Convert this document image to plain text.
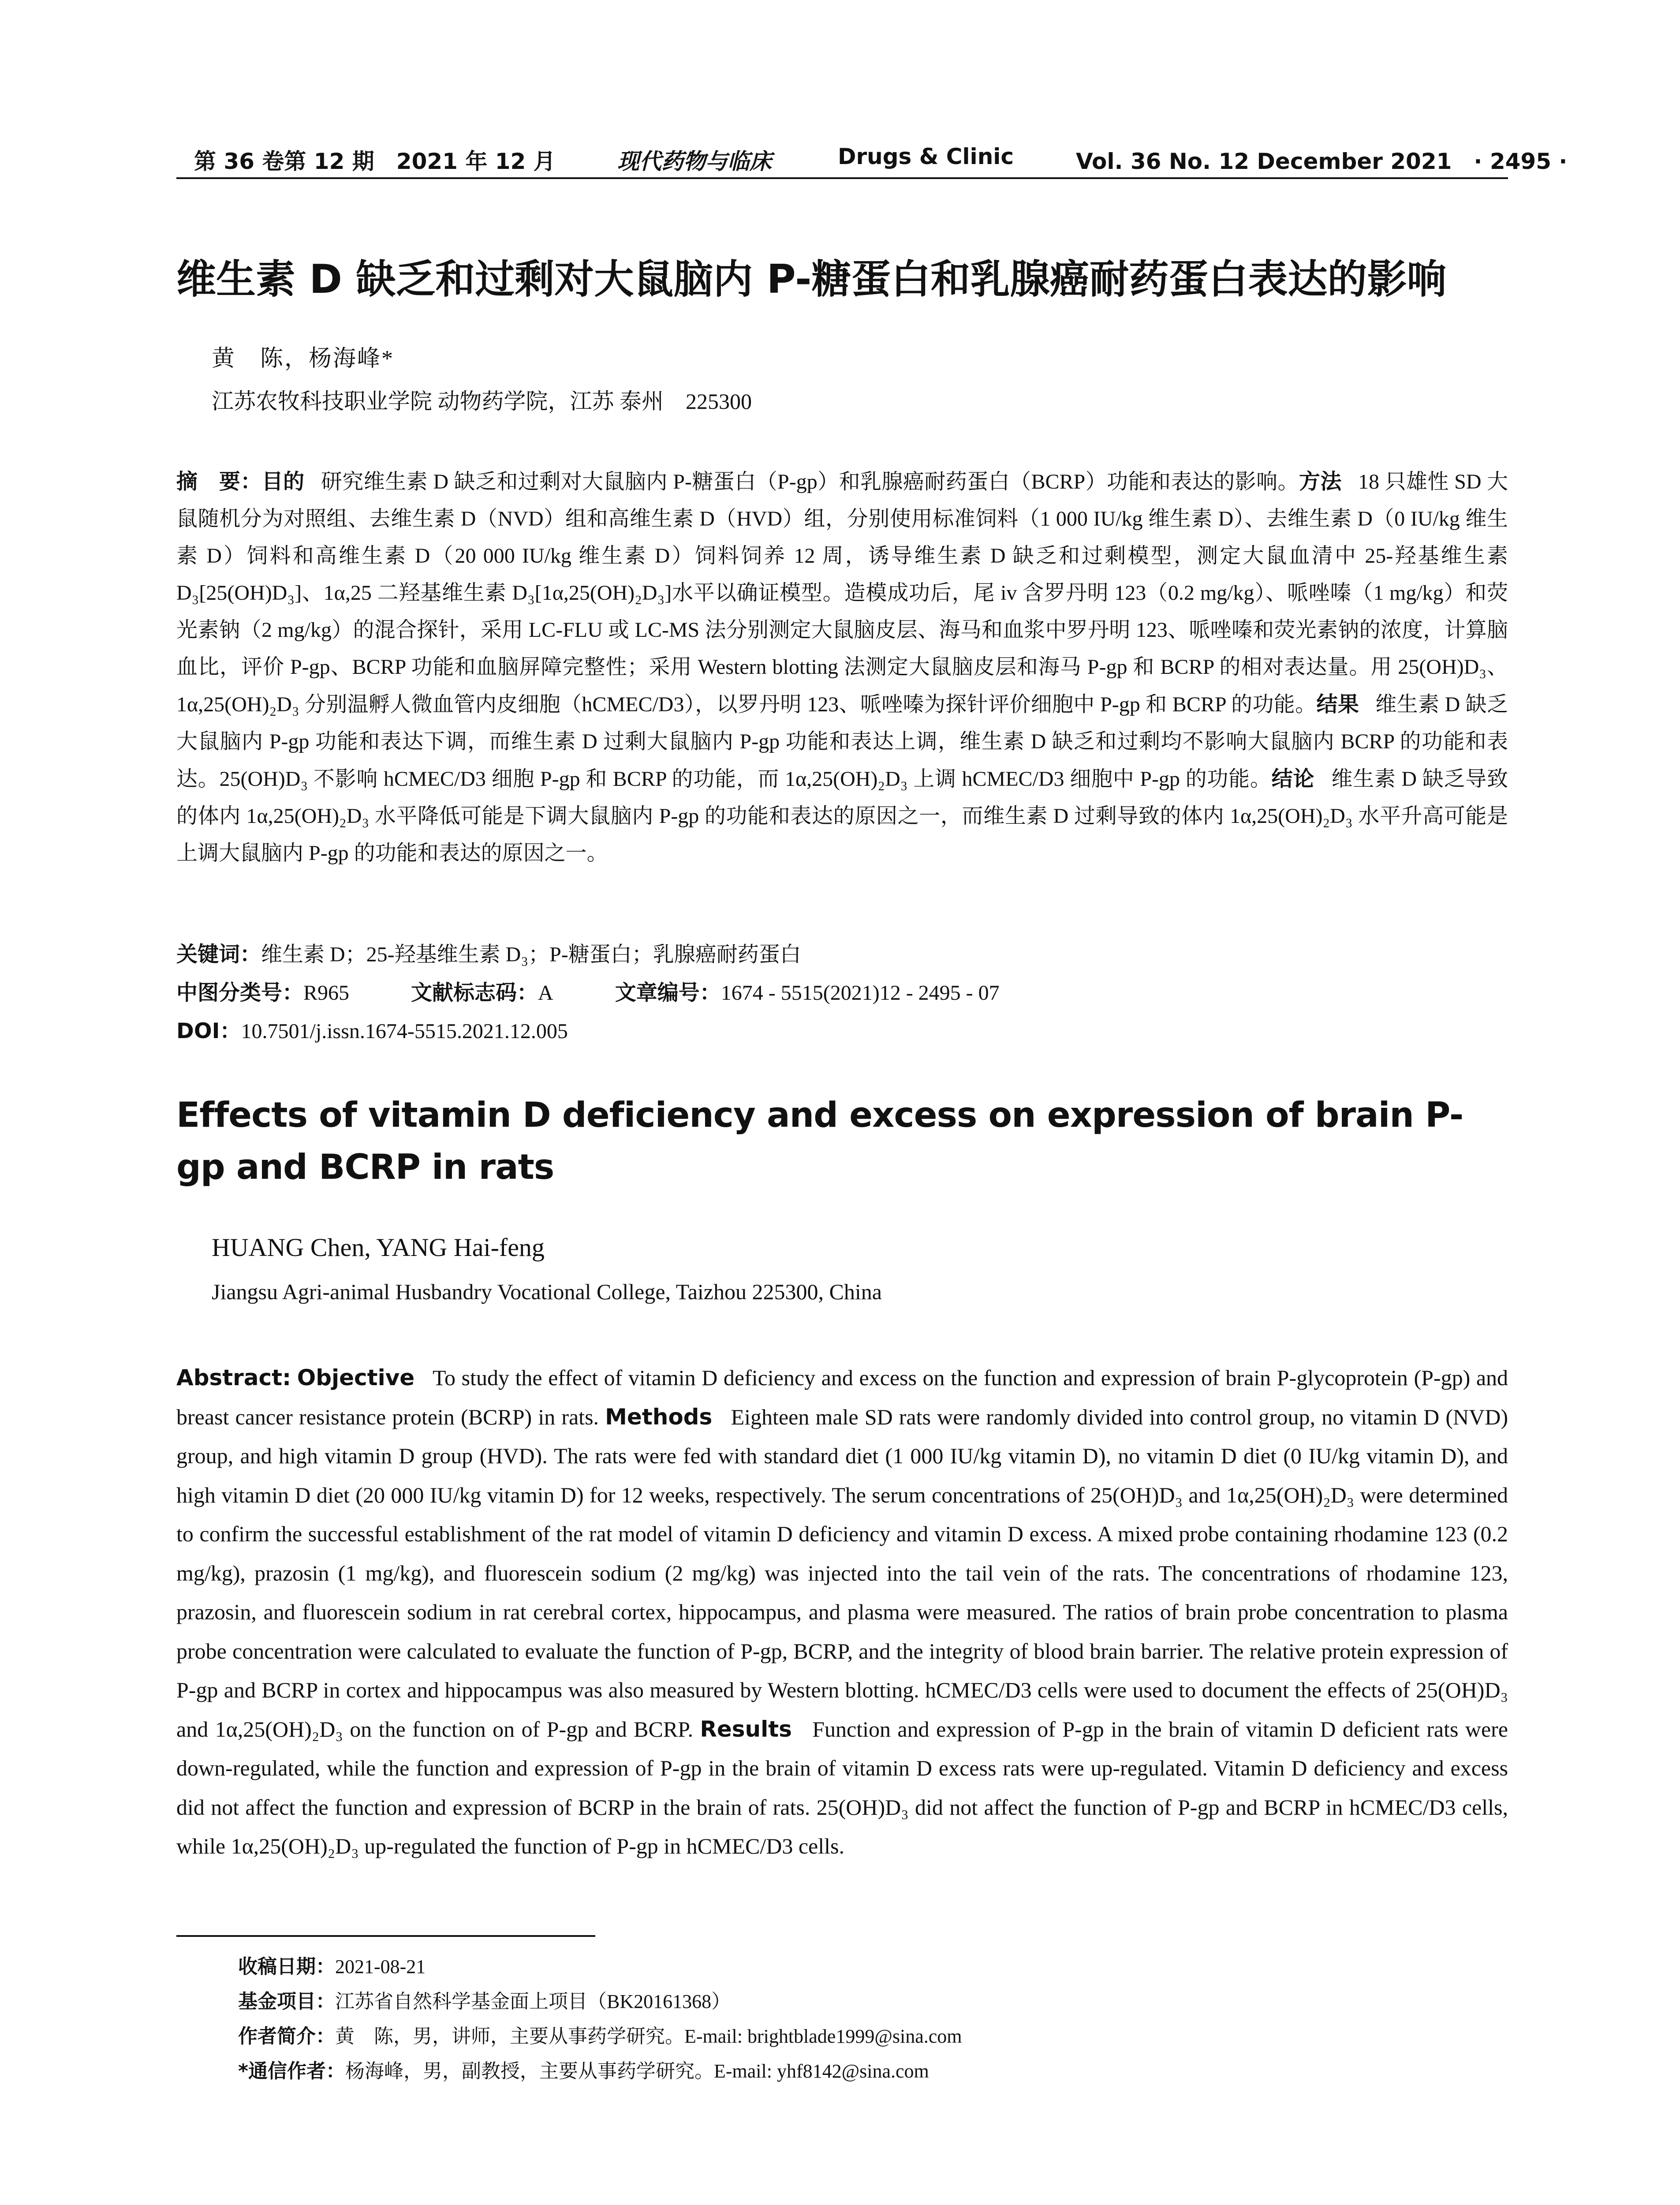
第 36 卷第 12 期　2021 年 12 月	现代药物与临床	Drugs & Clinic	Vol. 36 No. 12 December 2021　· 2495 ·
维生素 D 缺乏和过剩对大鼠脑内 P-糖蛋白和乳腺癌耐药蛋白表达的影响
黄　陈，杨海峰*
江苏农牧科技职业学院 动物药学院，江苏 泰州　225300
摘　要：目的 研究维生素 D 缺乏和过剩对大鼠脑内 P-糖蛋白（P-gp）和乳腺癌耐药蛋白（BCRP）功能和表达的影响。方法 18 只雄性 SD 大鼠随机分为对照组、去维生素 D（NVD）组和高维生素 D（HVD）组，分别使用标准饲料（1 000 IU/kg 维生素 D）、去维生素 D（0 IU/kg 维生素 D）饲料和高维生素 D（20 000 IU/kg 维生素 D）饲料饲养 12 周，诱导维生素 D 缺乏和过剩模型，测定大鼠血清中 25-羟基维生素 D₃[25(OH)D₃]、1α,25 二羟基维生素 D₃[1α,25(OH)₂D₃]水平以确证模型。造模成功后，尾 iv 含罗丹明 123（0.2 mg/kg）、哌唑嗪（1 mg/kg）和荧光素钠（2 mg/kg）的混合探针，采用 LC-FLU 或 LC-MS 法分别测定大鼠脑皮层、海马和血浆中罗丹明 123、哌唑嗪和荧光素钠的浓度，计算脑血比，评价 P-gp、BCRP 功能和血脑屏障完整性；采用 Western blotting 法测定大鼠脑皮层和海马 P-gp 和 BCRP 的相对表达量。用 25(OH)D₃、1α,25(OH)₂D₃ 分别温孵人微血管内皮细胞（hCMEC/D3），以罗丹明 123、哌唑嗪为探针评价细胞中 P-gp 和 BCRP 的功能。结果 维生素 D 缺乏大鼠脑内 P-gp 功能和表达下调，而维生素 D 过剩大鼠脑内 P-gp 功能和表达上调，维生素 D 缺乏和过剩均不影响大鼠脑内 BCRP 的功能和表达。25(OH)D₃ 不影响 hCMEC/D3 细胞 P-gp 和 BCRP 的功能，而 1α,25(OH)₂D₃ 上调 hCMEC/D3 细胞中 P-gp 的功能。结论 维生素 D 缺乏导致的体内 1α,25(OH)₂D₃ 水平降低可能是下调大鼠脑内 P-gp 的功能和表达的原因之一，而维生素 D 过剩导致的体内 1α,25(OH)₂D₃ 水平升高可能是上调大鼠脑内 P-gp 的功能和表达的原因之一。
关键词：维生素 D；25-羟基维生素 D₃；P-糖蛋白；乳腺癌耐药蛋白
中图分类号：R965	文献标志码：A	文章编号：1674 - 5515(2021)12 - 2495 - 07
DOI：10.7501/j.issn.1674-5515.2021.12.005
Effects of vitamin D deficiency and excess on expression of brain P-gp and BCRP in rats
HUANG Chen, YANG Hai-feng
Jiangsu Agri-animal Husbandry Vocational College, Taizhou 225300, China
Abstract: Objective To study the effect of vitamin D deficiency and excess on the function and expression of brain P-glycoprotein (P-gp) and breast cancer resistance protein (BCRP) in rats. Methods Eighteen male SD rats were randomly divided into control group, no vitamin D (NVD) group, and high vitamin D group (HVD). The rats were fed with standard diet (1 000 IU/kg vitamin D), no vitamin D diet (0 IU/kg vitamin D), and high vitamin D diet (20 000 IU/kg vitamin D) for 12 weeks, respectively. The serum concentrations of 25(OH)D₃ and 1α,25(OH)₂D₃ were determined to confirm the successful establishment of the rat model of vitamin D deficiency and vitamin D excess. A mixed probe containing rhodamine 123 (0.2 mg/kg), prazosin (1 mg/kg), and fluorescein sodium (2 mg/kg) was injected into the tail vein of the rats. The concentrations of rhodamine 123, prazosin, and fluorescein sodium in rat cerebral cortex, hippocampus, and plasma were measured. The ratios of brain probe concentration to plasma probe concentration were calculated to evaluate the function of P-gp, BCRP, and the integrity of blood brain barrier. The relative protein expression of P-gp and BCRP in cortex and hippocampus was also measured by Western blotting. hCMEC/D3 cells were used to document the effects of 25(OH)D₃ and 1α,25(OH)₂D₃ on the function on of P-gp and BCRP. Results Function and expression of P-gp in the brain of vitamin D deficient rats were down-regulated, while the function and expression of P-gp in the brain of vitamin D excess rats were up-regulated. Vitamin D deficiency and excess did not affect the function and expression of BCRP in the brain of rats. 25(OH)D₃ did not affect the function of P-gp and BCRP in hCMEC/D3 cells, while 1α,25(OH)₂D₃ up-regulated the function of P-gp in hCMEC/D3 cells.
收稿日期：2021-08-21
基金项目：江苏省自然科学基金面上项目（BK20161368）
作者简介：黄　陈，男，讲师，主要从事药学研究。E-mail: brightblade1999@sina.com
*通信作者：杨海峰，男，副教授，主要从事药学研究。E-mail: yhf8142@sina.com
